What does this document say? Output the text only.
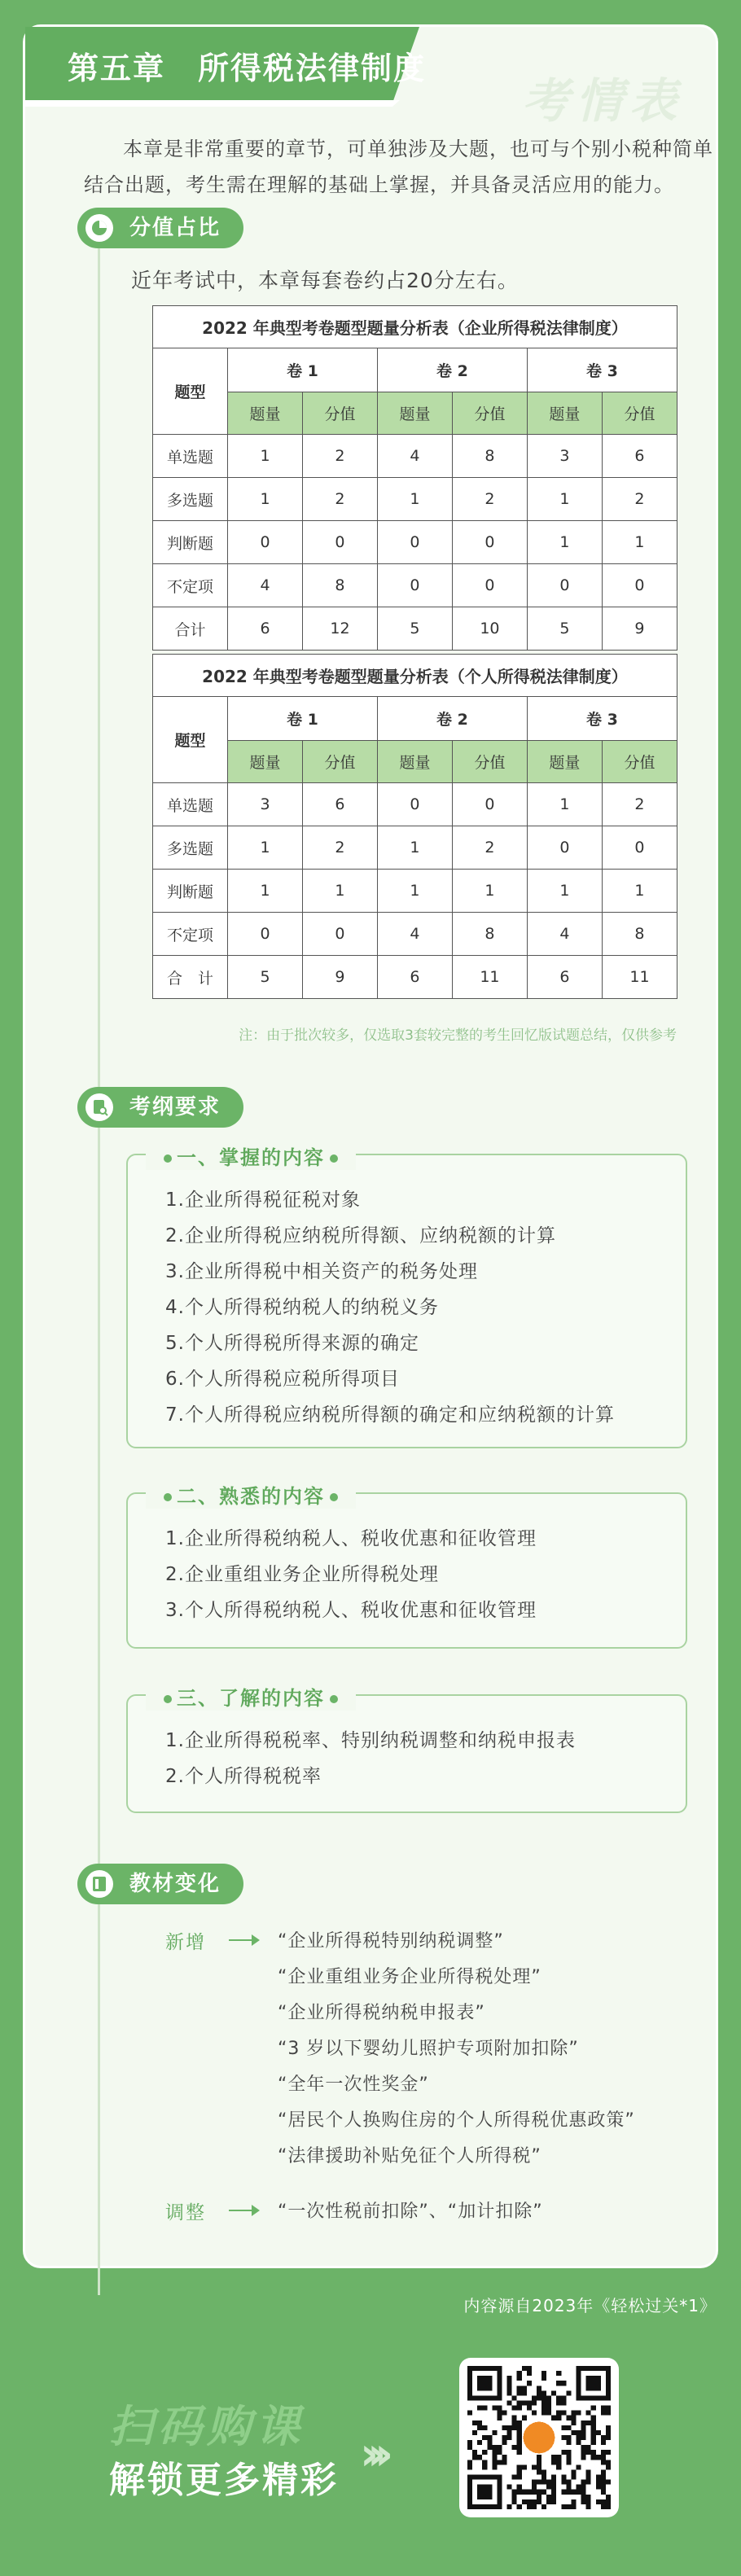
第五章　所得税法律制度
考情表
本章是非常重要的章节，可单独涉及大题，也可与个别小税种简单结合出题，考生需在理解的基础上掌握，并具备灵活应用的能力。
分值占比
近年考试中，本章每套卷约占20分左右。
2022 年典型考卷题型题量分析表（企业所得税法律制度）						
题型	卷 1		卷 2		卷 3	
	题量	分值	题量	分值	题量	分值
单选题	1	2	4	8	3	6
多选题	1	2	1	2	1	2
判断题	0	0	0	0	1	1
不定项	4	8	0	0	0	0
合计	6	12	5	10	5	9
2022 年典型考卷题型题量分析表（个人所得税法律制度）						
题型	卷 1		卷 2		卷 3	
	题量	分值	题量	分值	题量	分值
单选题	3	6	0	0	1	2
多选题	1	2	1	2	0	0
判断题	1	1	1	1	1	1
不定项	0	0	4	8	4	8
合　计	5	9	6	11	6	11
注：由于批次较多，仅选取3套较完整的考生回忆版试题总结，仅供参考
考纲要求
一、掌握的内容
1.企业所得税征税对象
2.企业所得税应纳税所得额、应纳税额的计算
3.企业所得税中相关资产的税务处理
4.个人所得税纳税人的纳税义务
5.个人所得税所得来源的确定
6.个人所得税应税所得项目
7.个人所得税应纳税所得额的确定和应纳税额的计算
二、熟悉的内容
1.企业所得税纳税人、税收优惠和征收管理
2.企业重组业务企业所得税处理
3.个人所得税纳税人、税收优惠和征收管理
三、了解的内容
1.企业所得税税率、特别纳税调整和纳税申报表
2.个人所得税税率
教材变化
新增	“企业所得税特别纳税调整”
“企业重组业务企业所得税处理”
“企业所得税纳税申报表”
“3 岁以下婴幼儿照护专项附加扣除”
“全年一次性奖金”
“居民个人换购住房的个人所得税优惠政策”
“法律援助补贴免征个人所得税”
调整	“一次性税前扣除”、“加计扣除”
内容源自2023年《轻松过关*1》
扫码购课
解锁更多精彩 ›››
